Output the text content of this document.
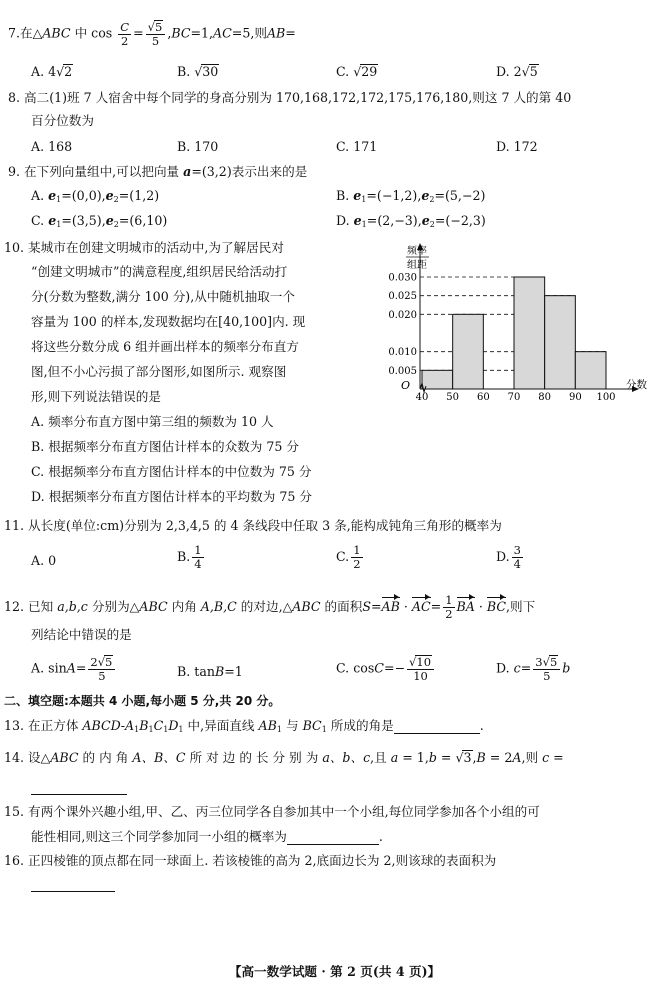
7.在△ABC 中 $\cos \frac{C}{2} = \frac{√5}{5} ,BC=1,AC=5$,则AB=
A. 4√2	B. √30	C. √29	D. 2√5
8. 高二(1)班 7 人宿舍中每个同学的身高分别为 170,168,172,172,175,176,180,则这 7 人的第 40
百分位数为
A. 168	B. 170	C. 171	D. 172
9. 在下列向量组中,可以把向量 a=(3,2)表示出来的是
A. $e_1=(0,0),e_2=(1,2)$	B. $e_1=(-1,2),e_2=(5,-2)$
C. $e_1=(3,5),e_2=(6,10)$	D. $e_1=(2,-3),e_2=(-2,3)$
10. 某城市在创建文明城市的活动中,为了解居民对
“创建文明城市”的满意程度,组织居民给活动打
分(分数为整数,满分 100 分),从中随机抽取一个
容量为 100 的样本,发现数据均在[40,100]内. 现
将这些分数分成 6 组并画出样本的频率分布直方
图,但不小心污损了部分图形,如图所示. 观察图
形,则下列说法错误的是
A. 频率分布直方图中第三组的频数为 10 人
B. 根据频率分布直方图估计样本的众数为 75 分
C. 根据频率分布直方图估计样本的中位数为 75 分
D. 根据频率分布直方图估计样本的平均数为 75 分
0.005
0.010
0.020
0.025
0.030
40 50 60 70 80 90 100
O
频率
组距
分数
11. 从长度(单位:cm)分别为 2,3,4,5 的 4 条线段中任取 3 条,能构成钝角三角形的概率为
A. 0	B. $\frac{1}{4}$	C. $\frac{1}{2}$	D. $\frac{3}{4}$
12. 已知 a,b,c 分别为△ABC 内角 A,B,C 的对边,△ABC 的面积$S=AB \cdot AC= \frac{1}{2}$ BA · BC,则下
列结论中错误的是
A. $\sin A= \frac{2√5}{5}$	B. tanB=1	C. $\cos C=- \frac{√10}{10}$	D. $c= \frac{3√5}{5}$ b
二、填空题:本题共 4 小题,每小题 5 分,共 20 分。
13. 在正方体 ABCD-$A_1B_1C_1D_1$ 中,异面直线 $AB_1$ 与 $BC_1$ 所成的角是	.
14. 设△ABC 的 内 角 A、B、C 所 对 边 的 长 分 别 为 a、b、c,且 a = 1,b = √3,B = 2A,则 c =
15. 有两个课外兴趣小组,甲、乙、丙三位同学各自参加其中一个小组,每位同学参加各个小组的可
能性相同,则这三个同学参加同一小组的概率为	.
16. 正四棱锥的顶点都在同一球面上. 若该棱锥的高为 2,底面边长为 2,则该球的表面积为
【高一数学试题 · 第 2 页(共 4 页)】
